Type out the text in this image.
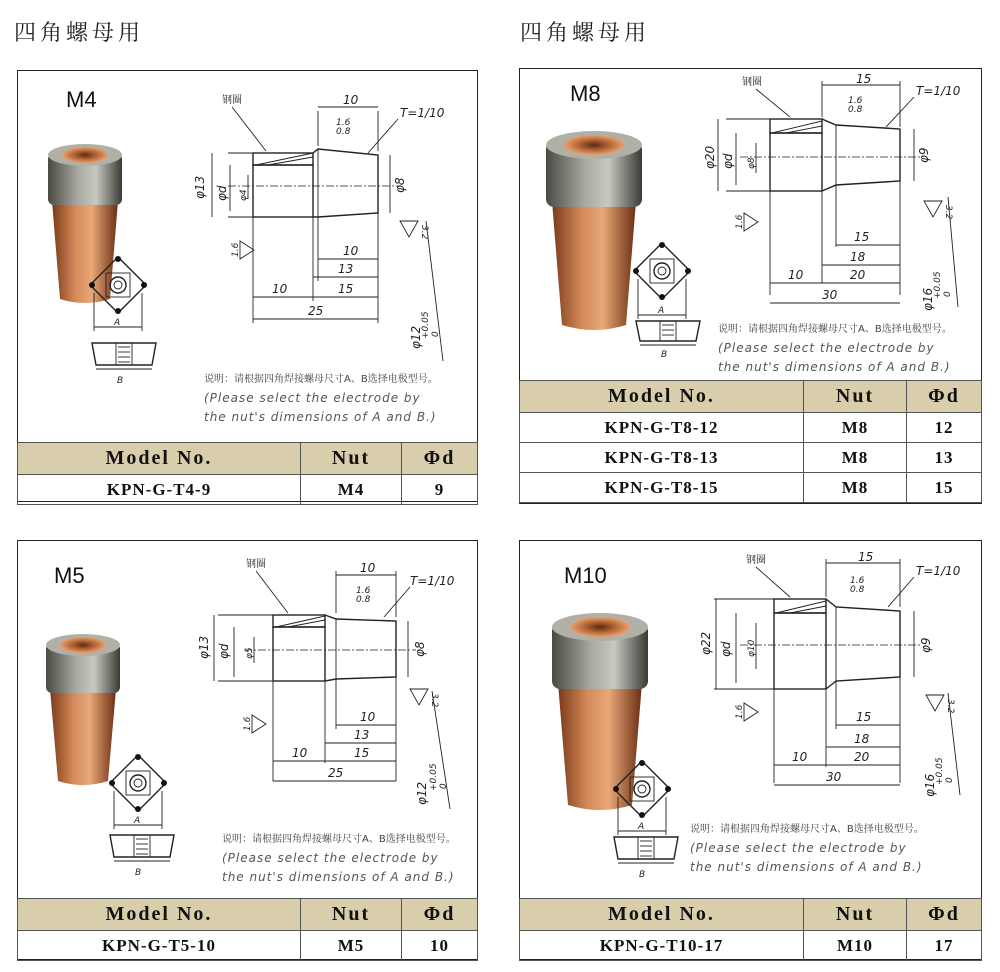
四角螺母用	四角螺母用
M4
A
B
φ13 φd φ4
φ8
10
1.6
0.8
T=1/10
钢圈
3.2
1.6	10
13
15
10
25
φ12
+0.05 0
说明：请根据四角焊接螺母尺寸A、B选择电极型号。
(Please select the electrode by
the nut's dimensions of A and B.)
Model No.	Nut	Φd
KPN-G-T4-9	M4	9
M8
A
B
φ20 φd φ8
φ9
15
1.6
0.8
T=1/10
钢圈
3.2
1.6
15
18
20
10
30	φ16
+0.05 0
说明：请根据四角焊接螺母尺寸A、B选择电极型号。
(Please select the electrode by
the nut's dimensions of A and B.)
Model No.	Nut	Φd
KPN-G-T8-12	M8	12
KPN-G-T8-13	M8	13
KPN-G-T8-15	M8	15
M5
A
B
φ13 φd φ5	φ8
10
1.6
0.8
T=1/10
钢圈
3.2
1.6	10
13
15
10
25
φ12
+0.05 0
说明：请根据四角焊接螺母尺寸A、B选择电极型号。
(Please select the electrode by
the nut's dimensions of A and B.)
Model No.	Nut	Φd
KPN-G-T5-10	M5	10
M10
A
B
φ22 φd φ10	φ9
15
1.6
0.8
T=1/10
钢圈
3.2
1.6	15
18
20
10
30	φ16
+0.05 0
说明：请根据四角焊接螺母尺寸A、B选择电极型号。
(Please select the electrode by
the nut's dimensions of A and B.)
Model No.	Nut	Φd
KPN-G-T10-17	M10	17
